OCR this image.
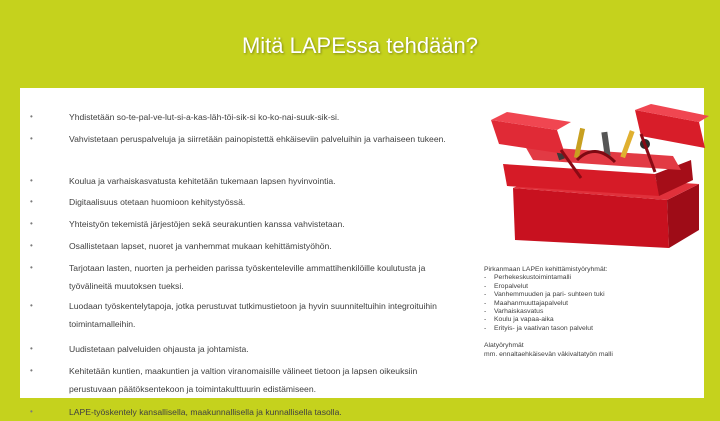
Mitä LAPEssa tehdään?
•	Yhdistetään so-te-pal-ve-lut-si-a-kas-läh-töi-sik-si ko-ko-nai-suuk-sik-si.
•	Vahvistetaan peruspalveluja ja siirretään painopistettä ehkäiseviin palveluihin ja varhaiseen tukeen.
•	Koulua ja varhaiskasvatusta kehitetään tukemaan lapsen hyvinvointia.
•	Digitaalisuus otetaan huomioon kehitystyössä.
•	Yhteistyön tekemistä järjestöjen sekä seurakuntien kanssa vahvistetaan.
•	Osallistetaan lapset, nuoret ja vanhemmat mukaan kehittämistyöhön.
•	Tarjotaan lasten, nuorten ja perheiden parissa työskenteleville ammattihenkilöille koulutusta ja työvälineitä muutoksen tueksi.
•	Luodaan työskentelytapoja, jotka perustuvat tutkimustietoon ja hyvin suunniteltuihin integroituihin toimintamalleihin.
•	Uudistetaan palveluiden ohjausta ja johtamista.
•	Kehitetään kuntien, maakuntien ja valtion viranomaisille välineet tietoon ja lapsen oikeuksiin perustuvaan päätöksentekoon ja toimintakulttuurin edistämiseen.
•	LAPE-työskentely kansallisella, maakunnallisella ja kunnallisella tasolla.
Pirkanmaan LAPEn kehittämistyöryhmät:
- Perhekeskustoimintamalli
- Eropalvelut
- Vanhemmuuden ja pari- suhteen tuki
- Maahanmuuttajapalvelut
- Varhaiskasvatus
- Koulu ja vapaa-aika
- Erityis- ja vaativan tason palvelut
Alatyöryhmät
mm. ennaltaehkäisevän väkivaltatyön malli
